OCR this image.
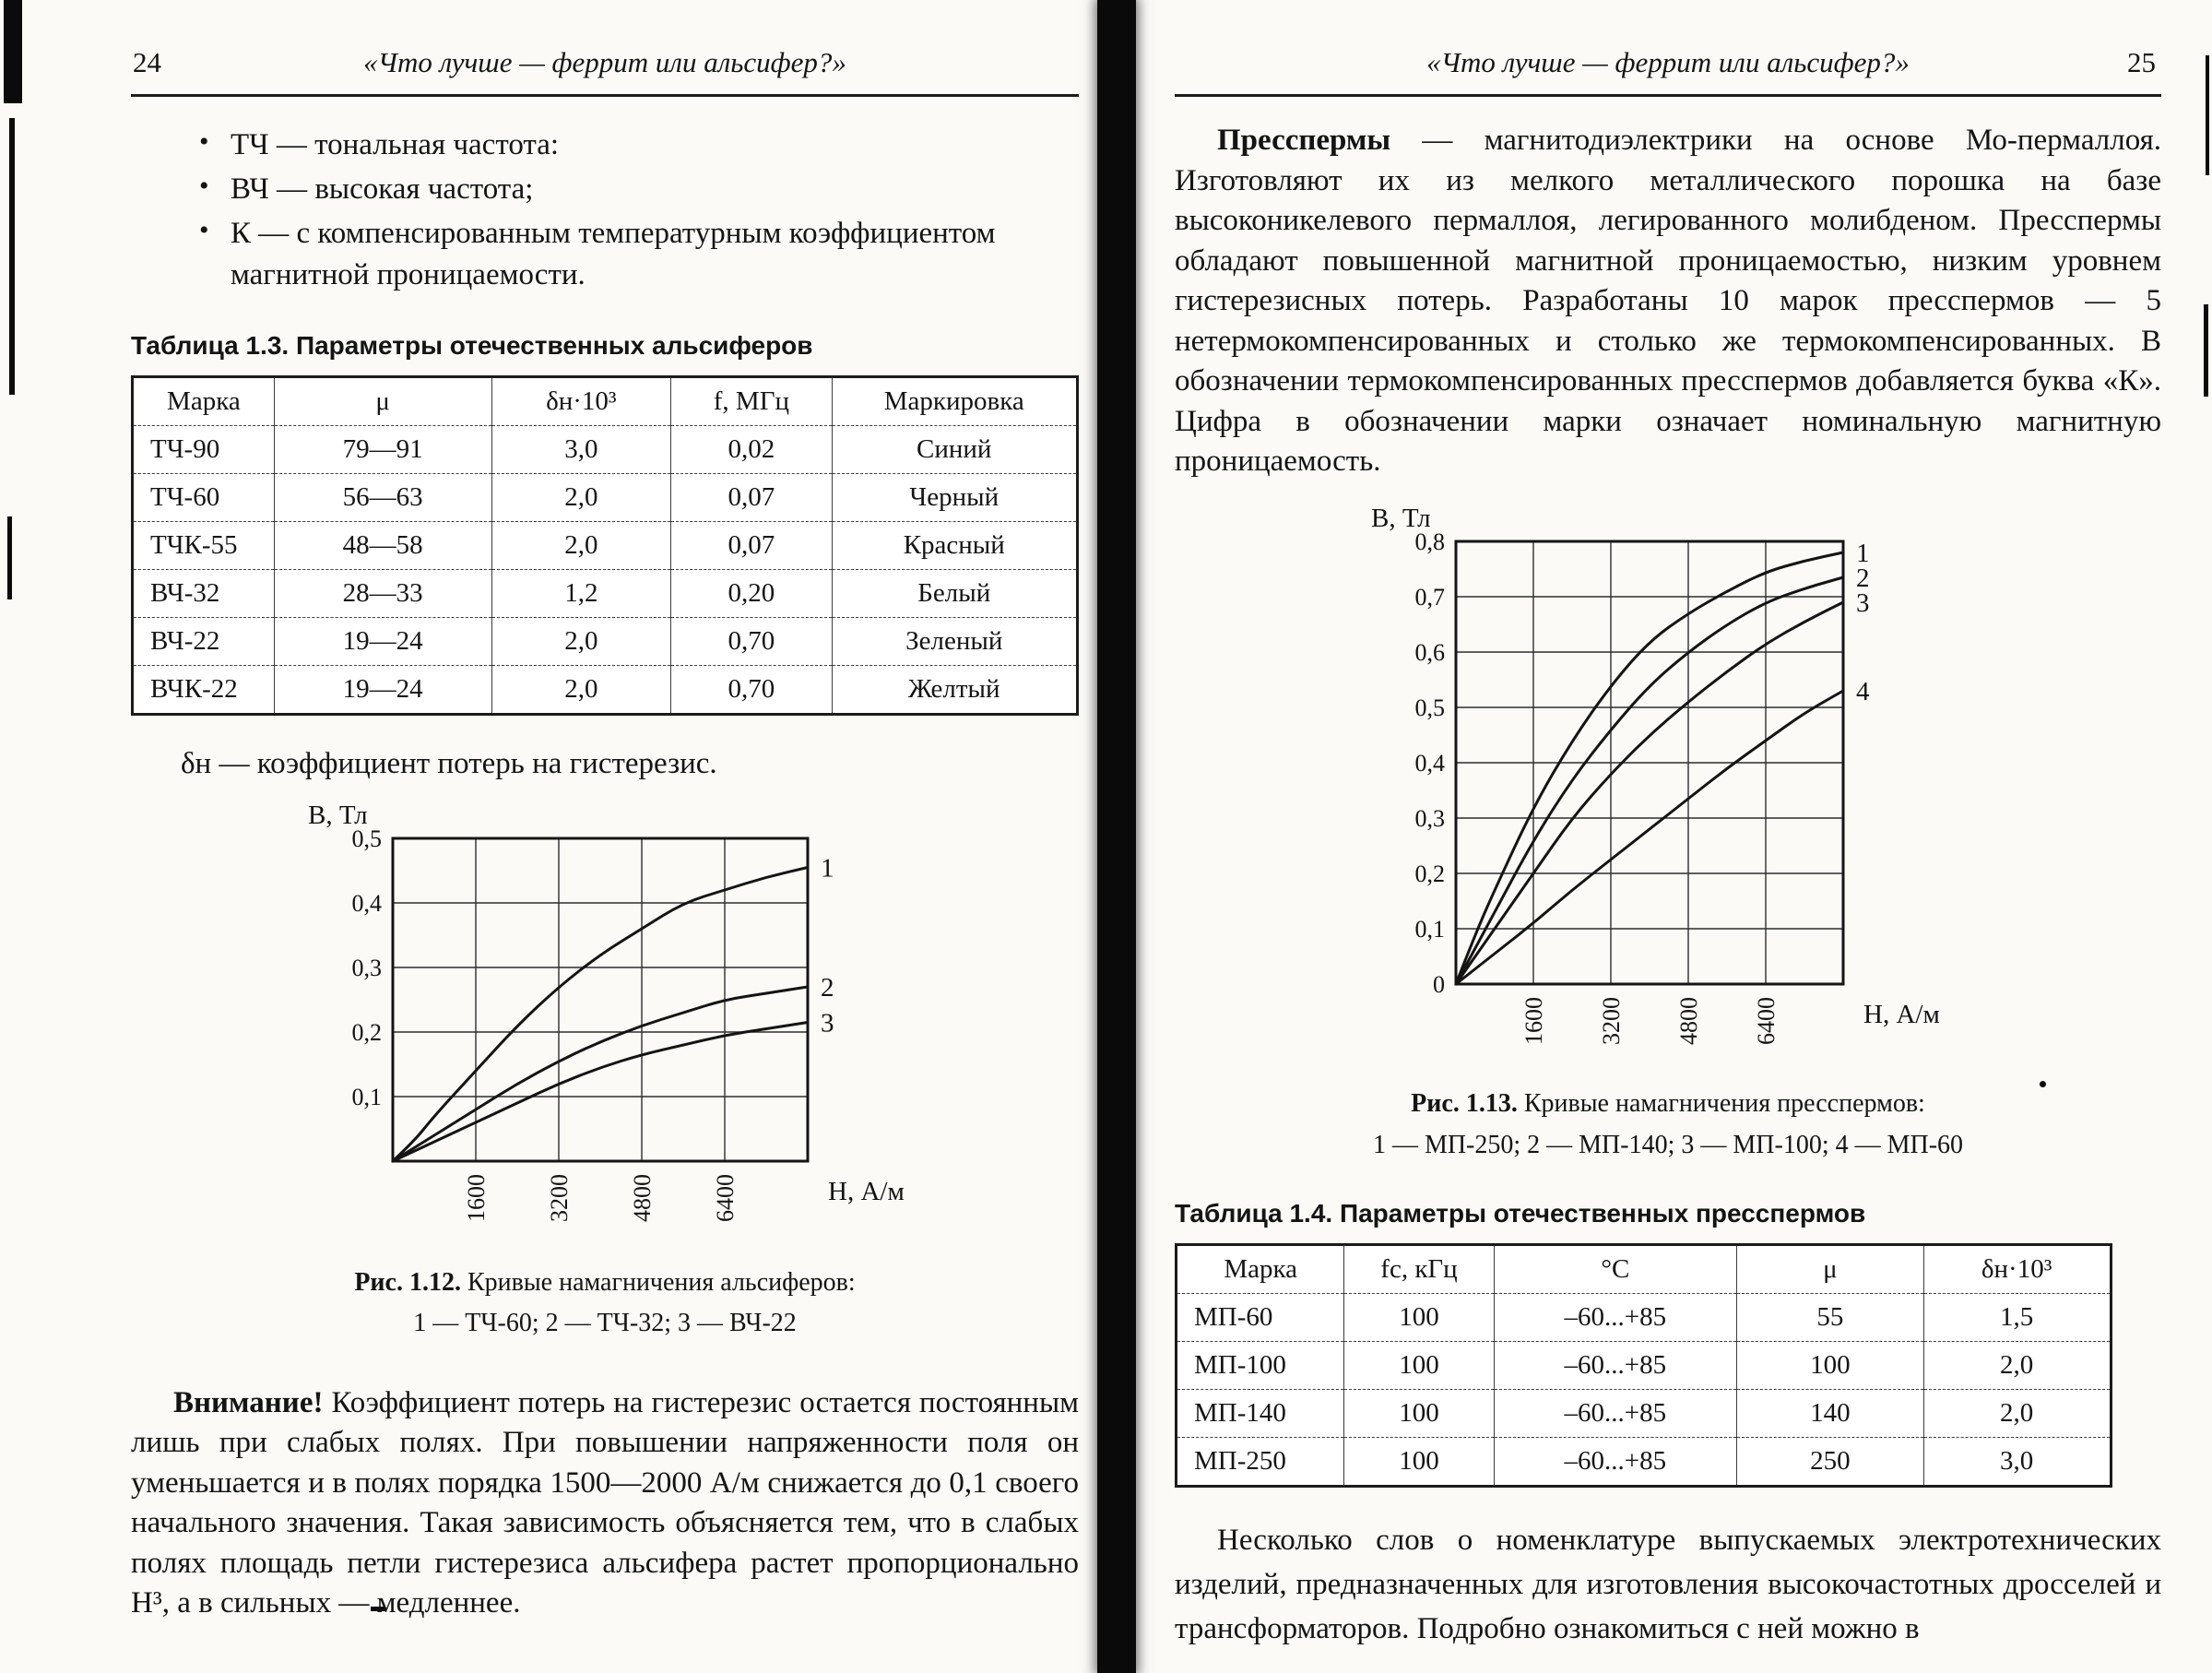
24	«Что лучше — феррит или альсифер?»
• ТЧ — тональная частота:
• ВЧ — высокая частота;
• К — с компенсированным температурным коэффициентом магнитной проницаемости.
Таблица 1.3. Параметры отечественных альсиферов
Марка	μ	δн·10³	f, МГц	Маркировка
ТЧ-90	79—91	3,0	0,02	Синий
ТЧ-60	56—63	2,0	0,07	Черный
ТЧК-55	48—58	2,0	0,07	Красный
ВЧ-32	28—33	1,2	0,20	Белый
ВЧ-22	19—24	2,0	0,70	Зеленый
ВЧК-22	19—24	2,0	0,70	Желтый

δн — коэффициент потерь на гистерезис.

0,1
0,2
0,3
0,4
0,5
1600 3200 4800 6400
В, Тл
Н, А/м
1
2
3
Рис. 1.12. Кривые намагничения альсиферов:
1 — ТЧ-60; 2 — ТЧ-32; 3 — ВЧ-22

Внимание! Коэффициент потерь на гистерезис остается постоянным лишь при слабых полях. При повышении напряженности поля он уменьшается и в полях порядка 1500—2000 А/м снижается до 0,1 своего начального значения. Такая зависимость объясняется тем, что в слабых полях площадь петли гистерезиса альсифера растет пропорционально Н³, а в сильных — медленнее.

«Что лучше — феррит или альсифер?»	25

Пресспермы — магнитодиэлектрики на основе Мо-пермаллоя. Изготовляют их из мелкого металлического порошка на базе высоконикелевого пермаллоя, легированного молибденом. Пресспермы обладают повышенной магнитной проницаемостью, низким уровнем гистерезисных потерь. Разработаны 10 марок пресспермов — 5 нетермокомпенсированных и столько же термокомпенсированных. В обозначении термокомпенсированных пресспермов добавляется буква «К». Цифра в обозначении марки означает номинальную магнитную проницаемость.

0
0,1
0,2
0,3
0,4
0,5
0,6
0,7
0,8
1600 3200 4800 6400
В, Тл
Н, А/м
1
2
3
4
Рис. 1.13. Кривые намагничения пресспермов:
1 — МП-250; 2 — МП-140; 3 — МП-100; 4 — МП-60
Таблица 1.4. Параметры отечественных пресспермов
Марка	fс, кГц	°С	μ	δн·10³
МП-60	100	–60...+85	55	1,5
МП-100	100	–60...+85	100	2,0
МП-140	100	–60...+85	140	2,0
МП-250	100	–60...+85	250	3,0

Несколько слов о номенклатуре выпускаемых электротехнических изделий, предназначенных для изготовления высокочастотных дросселей и трансформаторов. Подробно ознакомиться с ней можно в
